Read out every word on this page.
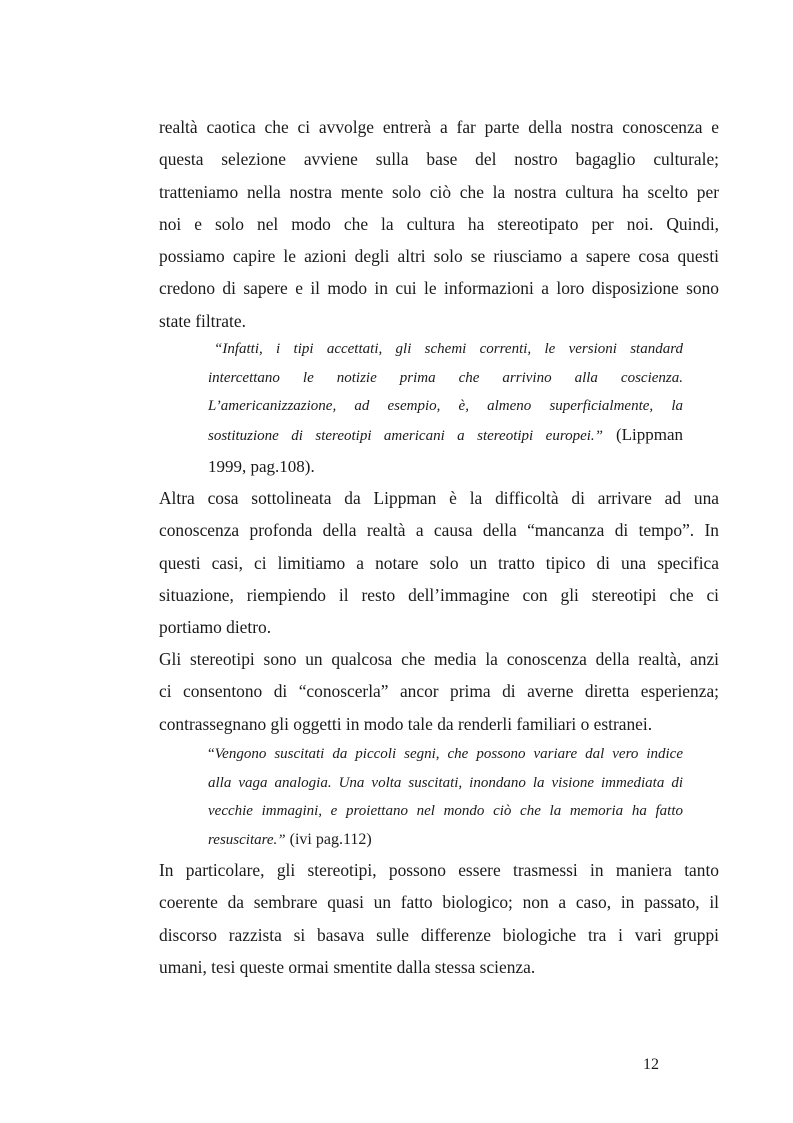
realtà caotica che ci avvolge entrerà a far parte della nostra conoscenza e
questa selezione avviene sulla base del nostro bagaglio culturale;
tratteniamo nella nostra mente solo ciò che la nostra cultura ha scelto per
noi e solo nel modo che la cultura ha stereotipato per noi. Quindi,
possiamo capire le azioni degli altri solo se riusciamo a sapere cosa questi
credono di sapere e il modo in cui le informazioni a loro disposizione sono
state filtrate.
“Infatti, i tipi accettati, gli schemi correnti, le versioni standard
intercettano le notizie prima che arrivino alla coscienza.
L’americanizzazione, ad esempio, è, almeno superficialmente, la
sostituzione di stereotipi americani a stereotipi europei.” (Lippman
1999, pag.108).
Altra cosa sottolineata da Lippman è la difficoltà di arrivare ad una
conoscenza profonda della realtà a causa della “mancanza di tempo”. In
questi casi, ci limitiamo a notare solo un tratto tipico di una specifica
situazione, riempiendo il resto dell’immagine con gli stereotipi che ci
portiamo dietro.
Gli stereotipi sono un qualcosa che media la conoscenza della realtà, anzi
ci consentono di “conoscerla” ancor prima di averne diretta esperienza;
contrassegnano gli oggetti in modo tale da renderli familiari o estranei.
“Vengono suscitati da piccoli segni, che possono variare dal vero indice
alla vaga analogia. Una volta suscitati, inondano la visione immediata di
vecchie immagini, e proiettano nel mondo ciò che la memoria ha fatto
resuscitare.” (ivi pag.112)
In particolare, gli stereotipi, possono essere trasmessi in maniera tanto
coerente da sembrare quasi un fatto biologico; non a caso, in passato, il
discorso razzista si basava sulle differenze biologiche tra i vari gruppi
umani, tesi queste ormai smentite dalla stessa scienza.
12
